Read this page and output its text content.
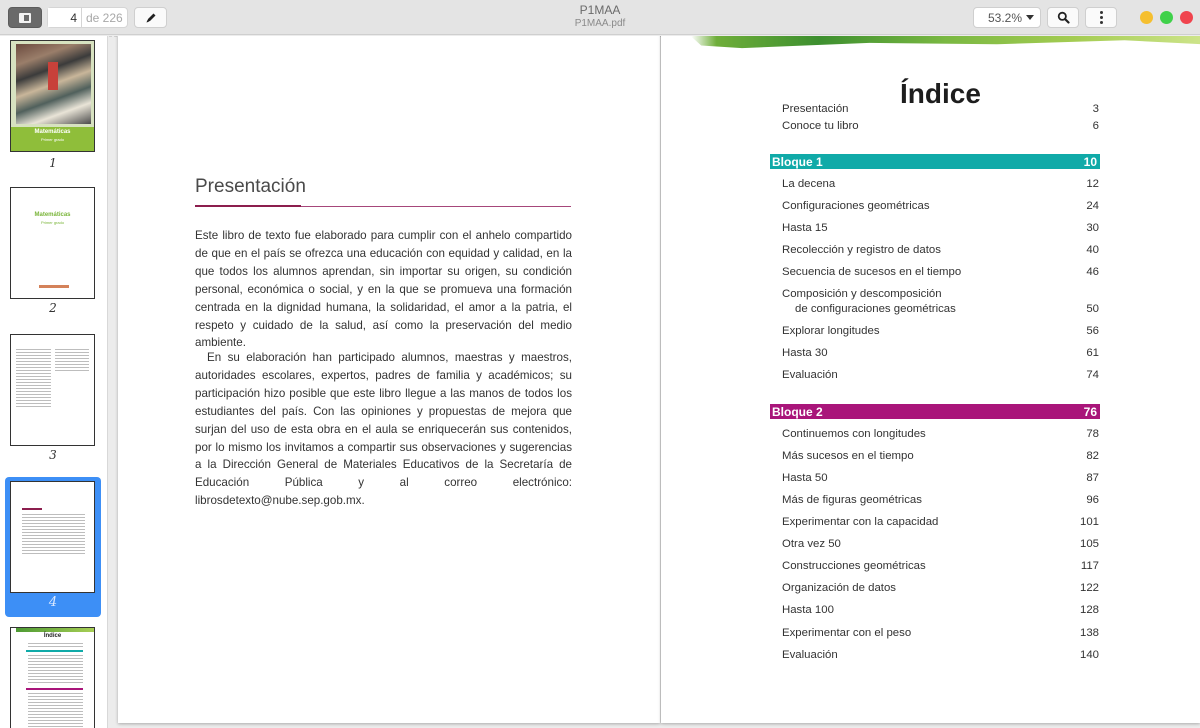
4
de 226
P1MAA
P1MAA.pdf	53.2%
Matemáticas
Primer grado
1
Matemáticas
Primer grado
2
3
4
Índice
Presentación

Este libro de texto fue elaborado para cumplir con el anhelo compartido de que en el país se ofrezca una educación con equidad y calidad, en la que todos los alumnos aprendan, sin importar su origen, su condición personal, económica o social, y en la que se promueva una formación centrada en la dignidad humana, la solidaridad, el amor a la patria, el respeto y cuidado de la salud, así como la preservación del medio ambiente.

En su elaboración han participado alumnos, maestras y maestros, autoridades escolares, expertos, padres de familia y académicos; su participación hizo posible que este libro llegue a las manos de todos los estudiantes del país. Con las opiniones y propuestas de mejora que surjan del uso de esta obra en el aula se enriquecerán sus contenidos, por lo mismo los invitamos a compartir sus observaciones y sugerencias a la Dirección General de Materiales Educativos de la Secretaría de Educación Pública y al correo electrónico: librosdetexto@nube.sep.gob.mx.

Índice
Presentación	3
Conoce tu libro	6
Bloque 1	10
La decena	12
Configuraciones geométricas	24
Hasta 15	30
Recolección y registro de datos	40
Secuencia de sucesos en el tiempo	46
Composición y descomposición
de configuraciones geométricas	50
Explorar longitudes	56
Hasta 30	61
Evaluación	74
Bloque 2	76
Continuemos con longitudes	78
Más sucesos en el tiempo	82
Hasta 50	87
Más de figuras geométricas	96
Experimentar con la capacidad	101
Otra vez 50	105
Construcciones geométricas	117
Organización de datos	122
Hasta 100	128
Experimentar con el peso	138
Evaluación	140
